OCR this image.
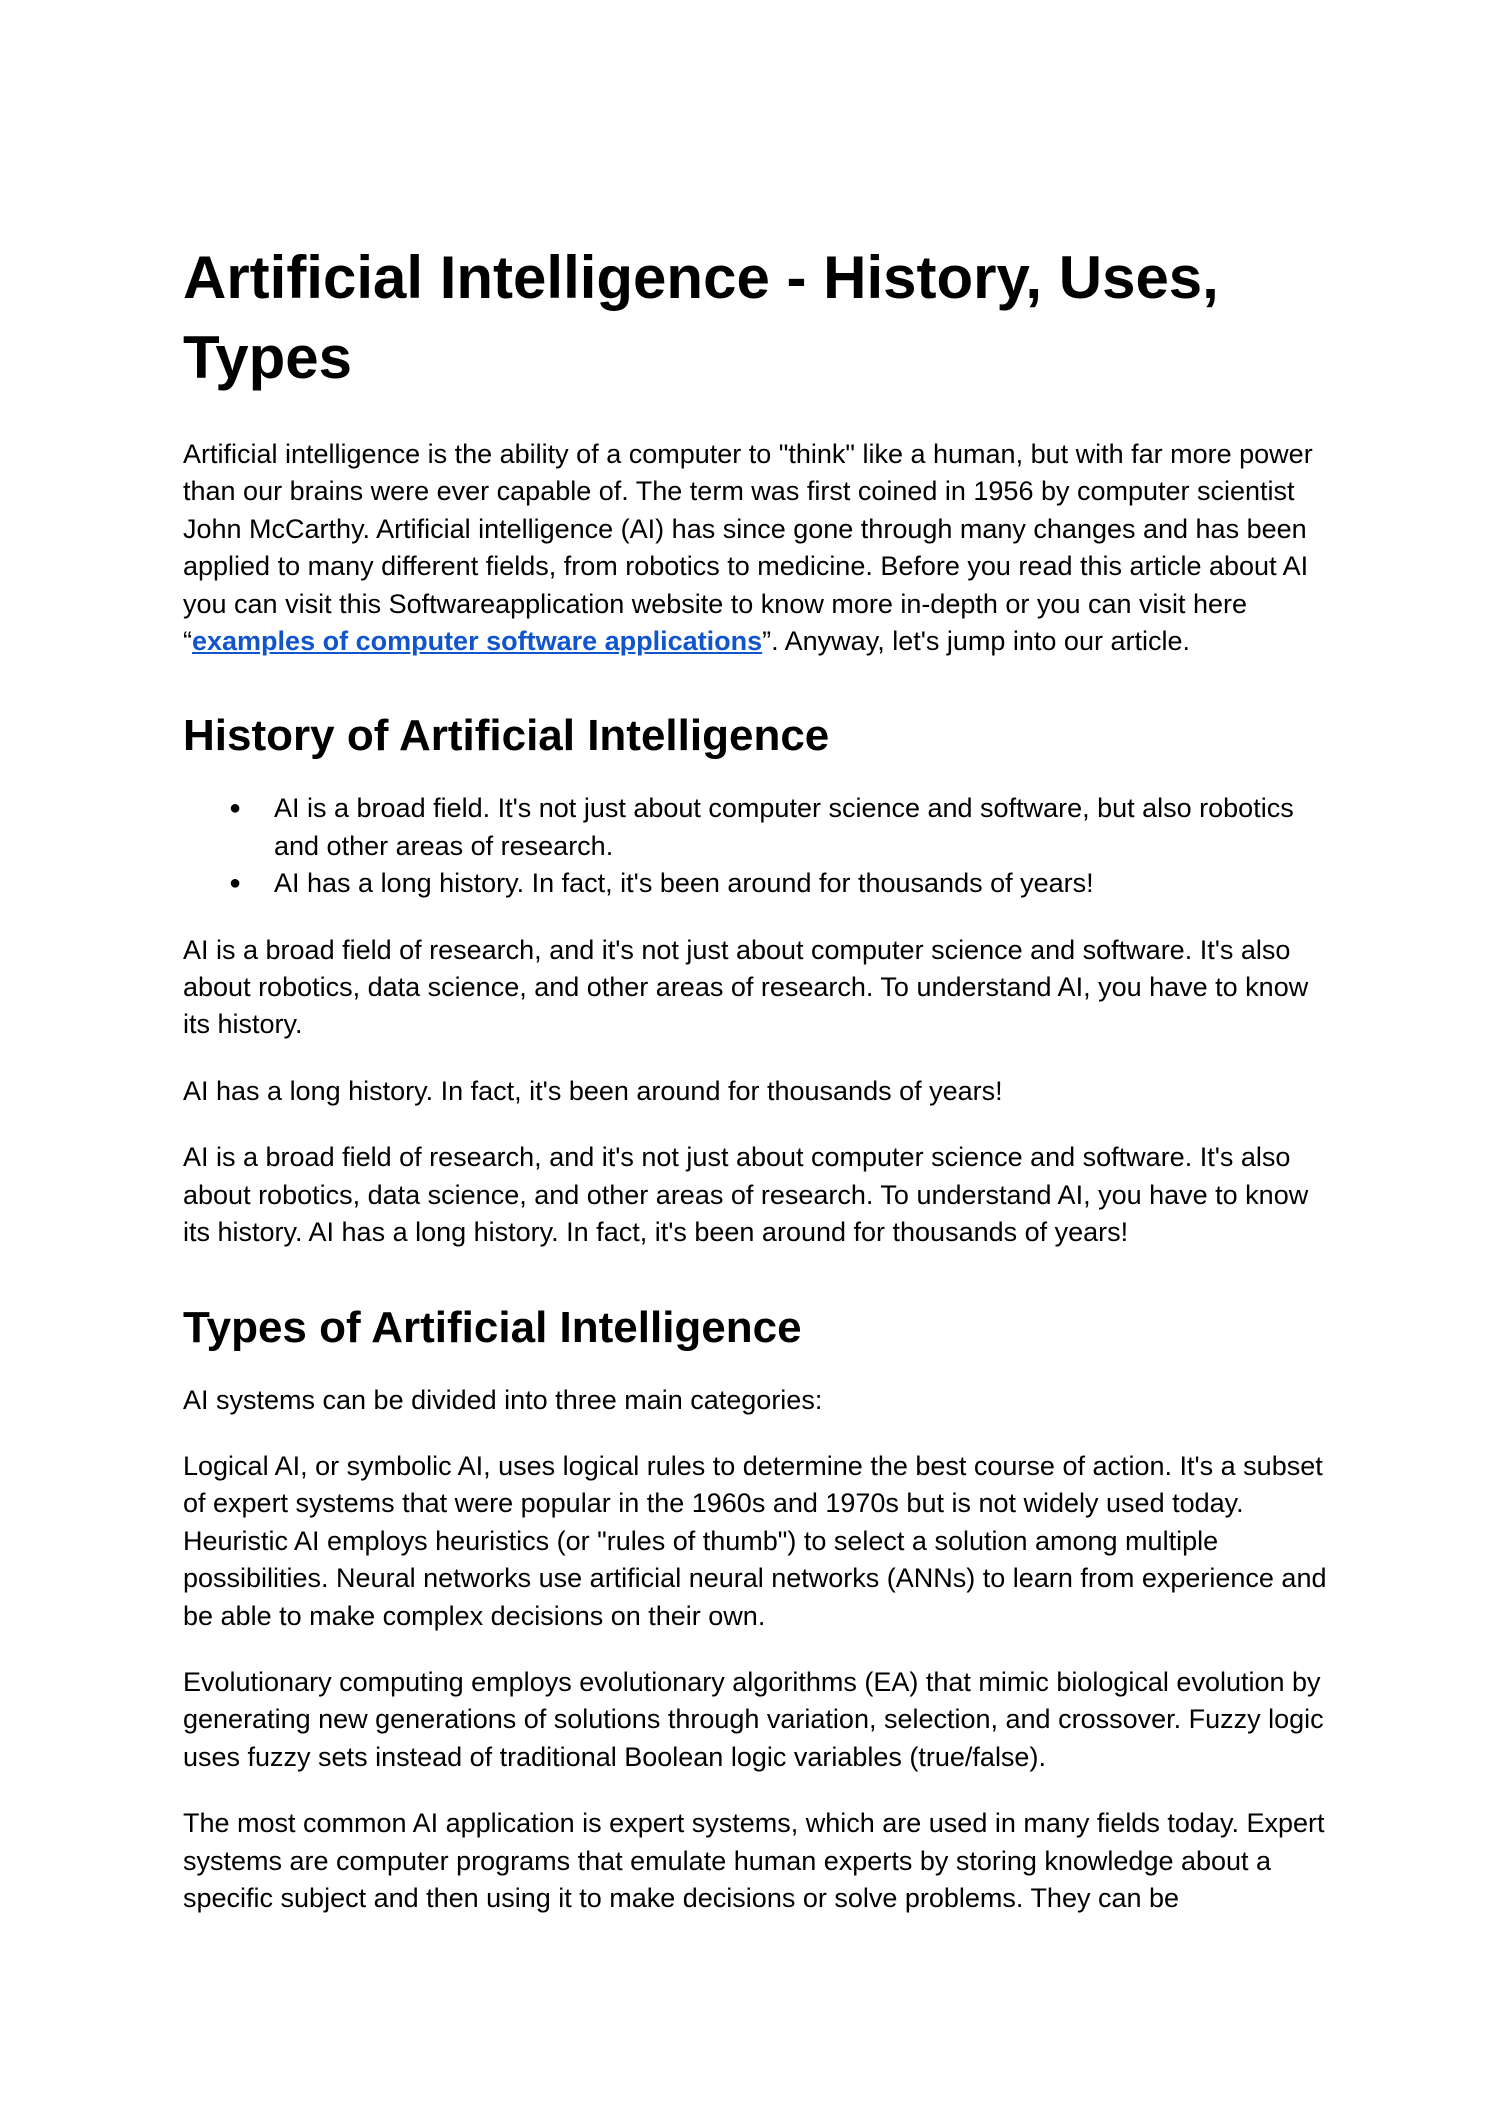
Artificial Intelligence - History, Uses, Types

Artificial intelligence is the ability of a computer to "think" like a human, but with far more power than our brains were ever capable of. The term was first coined in 1956 by computer scientist John McCarthy. Artificial intelligence (AI) has since gone through many changes and has been applied to many different fields, from robotics to medicine. Before you read this article about AI you can visit this Softwareapplication website to know more in-depth or you can visit here “examples of computer software applications”. Anyway, let's jump into our article.

History of Artificial Intelligence
● AI is a broad field. It's not just about computer science and software, but also robotics and other areas of research.
● AI has a long history. In fact, it's been around for thousands of years!

AI is a broad field of research, and it's not just about computer science and software. It's also about robotics, data science, and other areas of research. To understand AI, you have to know its history.

AI has a long history. In fact, it's been around for thousands of years!

AI is a broad field of research, and it's not just about computer science and software. It's also about robotics, data science, and other areas of research. To understand AI, you have to know its history. AI has a long history. In fact, it's been around for thousands of years!

Types of Artificial Intelligence

AI systems can be divided into three main categories:

Logical AI, or symbolic AI, uses logical rules to determine the best course of action. It's a subset of expert systems that were popular in the 1960s and 1970s but is not widely used today. Heuristic AI employs heuristics (or "rules of thumb") to select a solution among multiple possibilities. Neural networks use artificial neural networks (ANNs) to learn from experience and be able to make complex decisions on their own.

Evolutionary computing employs evolutionary algorithms (EA) that mimic biological evolution by generating new generations of solutions through variation, selection, and crossover. Fuzzy logic uses fuzzy sets instead of traditional Boolean logic variables (true/false).

The most common AI application is expert systems, which are used in many fields today. Expert systems are computer programs that emulate human experts by storing knowledge about a specific subject and then using it to make decisions or solve problems. They can be
